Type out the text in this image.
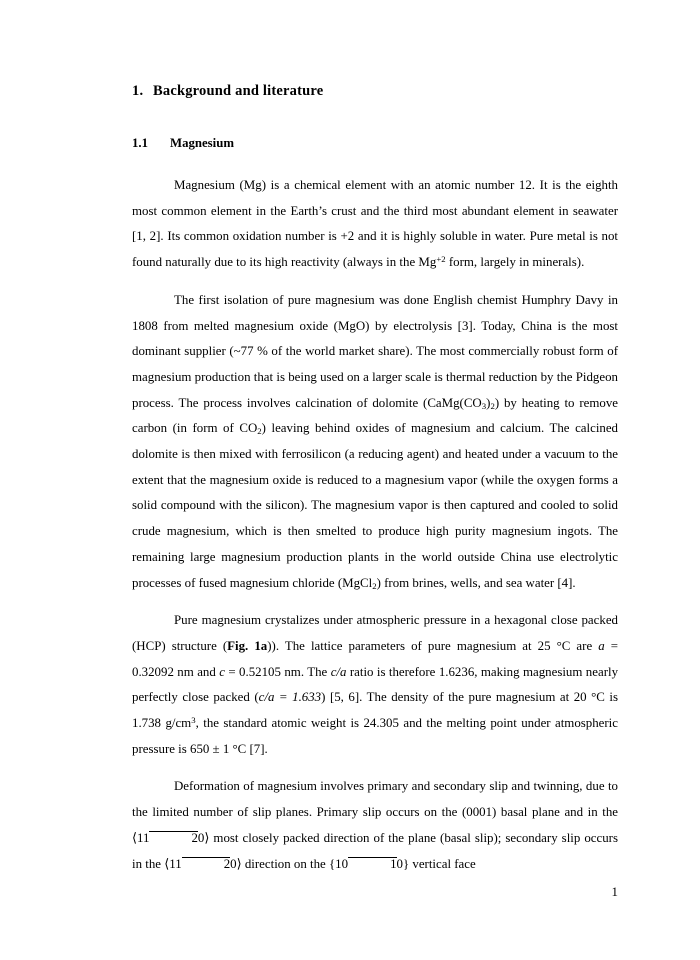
1. Background and literature
1.1 Magnesium

Magnesium (Mg) is a chemical element with an atomic number 12. It is the eighth most common element in the Earth’s crust and the third most abundant element in seawater [1, 2]. Its common oxidation number is +2 and it is highly soluble in water. Pure metal is not found naturally due to its high reactivity (always in the $Mg^{+2}$ form, largely in minerals).

The first isolation of pure magnesium was done English chemist Humphry Davy in 1808 from melted magnesium oxide (MgO) by electrolysis [3]. Today, China is the most dominant supplier (~77 % of the world market share). The most commercially robust form of magnesium production that is being used on a larger scale is thermal reduction by the Pidgeon process. The process involves calcination of dolomite $(CaMg(CO_3)_2)$ by heating to remove carbon (in form of $CO_2$) leaving behind oxides of magnesium and calcium. The calcined dolomite is then mixed with ferrosilicon (a reducing agent) and heated under a vacuum to the extent that the magnesium oxide is reduced to a magnesium vapor (while the oxygen forms a solid compound with the silicon). The magnesium vapor is then captured and cooled to solid crude magnesium, which is then smelted to produce high purity magnesium ingots. The remaining large magnesium production plants in the world outside China use electrolytic processes of fused magnesium chloride (MgCl$_2$) from brines, wells, and sea water [4].

Pure magnesium crystalizes under atmospheric pressure in a hexagonal close packed (HCP) structure (Fig. 1a)). The lattice parameters of pure magnesium at 25 °C are a = 0.32092 nm and c = 0.52105 nm. The c/a ratio is therefore 1.6236, making magnesium nearly perfectly close packed (c/a = 1.633) [5, 6]. The density of the pure magnesium at 20 °C is 1.738 $g/cm^3$, the standard atomic weight is 24.305 and the melting point under atmospheric pressure is 650 ± 1 °C [7].

Deformation of magnesium involves primary and secondary slip and twinning, due to the limited number of slip planes. Primary slip occurs on the (0001) basal plane and in the ⟨11	20⟩ most closely packed direction of the plane (basal slip); secondary slip occurs in the ⟨11	20⟩ direction on the {10	10} vertical face

1
